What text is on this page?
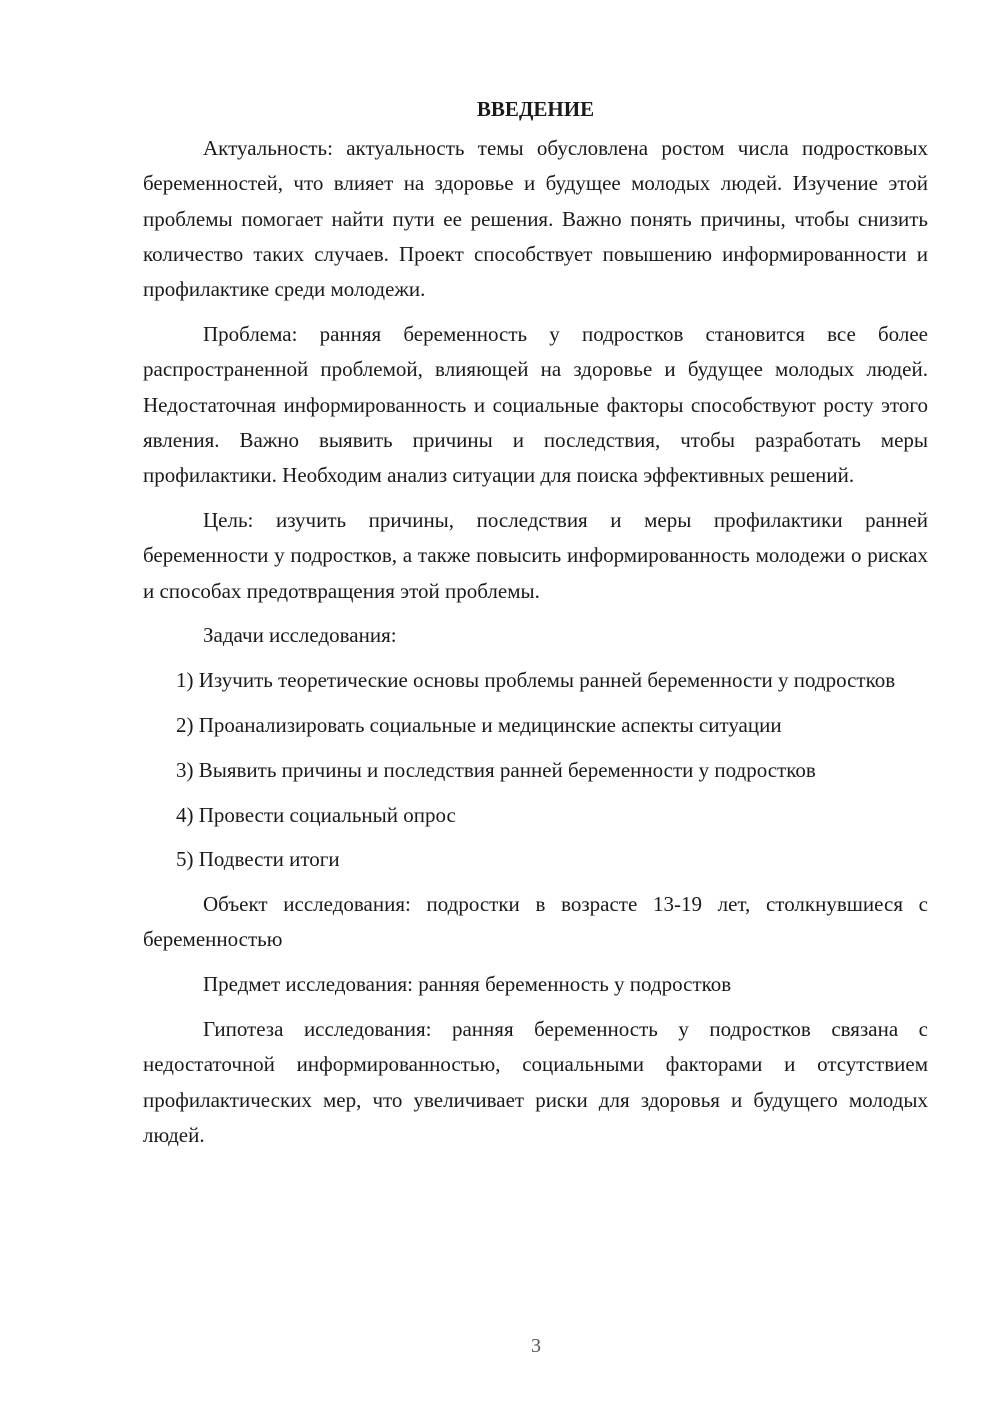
ВВЕДЕНИЕ

Актуальность: актуальность темы обусловлена ростом числа подростковых беременностей, что влияет на здоровье и будущее молодых людей. Изучение этой проблемы помогает найти пути ее решения. Важно понять причины, чтобы снизить количество таких случаев. Проект способствует повышению информированности и профилактике среди молодежи.

Проблема: ранняя беременность у подростков становится все более распространенной проблемой, влияющей на здоровье и будущее молодых людей. Недостаточная информированность и социальные факторы способствуют росту этого явления. Важно выявить причины и последствия, чтобы разработать меры профилактики. Необходим анализ ситуации для поиска эффективных решений.

Цель: изучить причины, последствия и меры профилактики ранней беременности у подростков, а также повысить информированность молодежи о рисках и способах предотвращения этой проблемы.

Задачи исследования:

1) Изучить теоретические основы проблемы ранней беременности у подростков

2) Проанализировать социальные и медицинские аспекты ситуации

3) Выявить причины и последствия ранней беременности у подростков

4) Провести социальный опрос

5) Подвести итоги

Объект исследования: подростки в возрасте 13-19 лет, столкнувшиеся с беременностью

Предмет исследования: ранняя беременность у подростков

Гипотеза исследования: ранняя беременность у подростков связана с недостаточной информированностью, социальными факторами и отсутствием профилактических мер, что увеличивает риски для здоровья и будущего молодых людей.

3
